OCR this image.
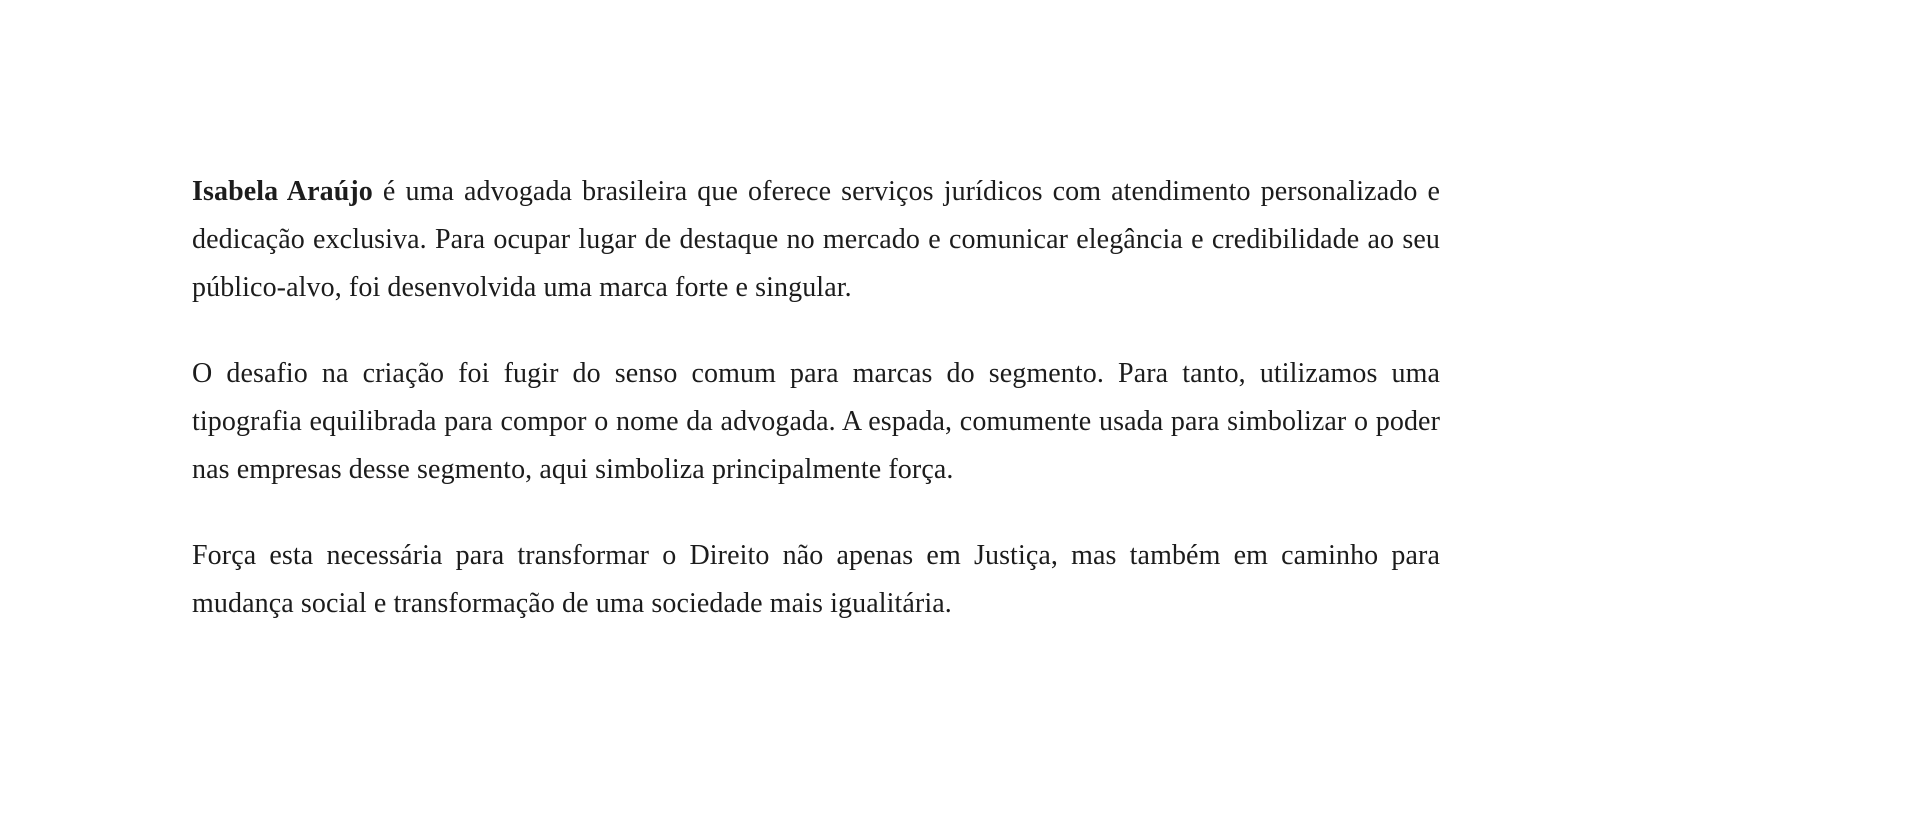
Isabela Araújo é uma advogada brasileira que oferece serviços jurídicos com atendimento personalizado e dedicação exclusiva. Para ocupar lugar de destaque no mercado e comunicar elegância e credibilidade ao seu público-alvo, foi desenvolvida uma marca forte e singular.

O desafio na criação foi fugir do senso comum para marcas do segmento. Para tanto, utilizamos uma tipografia equilibrada para compor o nome da advogada. A espada, comumente usada para simbolizar o poder nas empresas desse segmento, aqui simboliza principalmente força.

Força esta necessária para transformar o Direito não apenas em Justiça, mas também em caminho para mudança social e transformação de uma sociedade mais igualitária.
